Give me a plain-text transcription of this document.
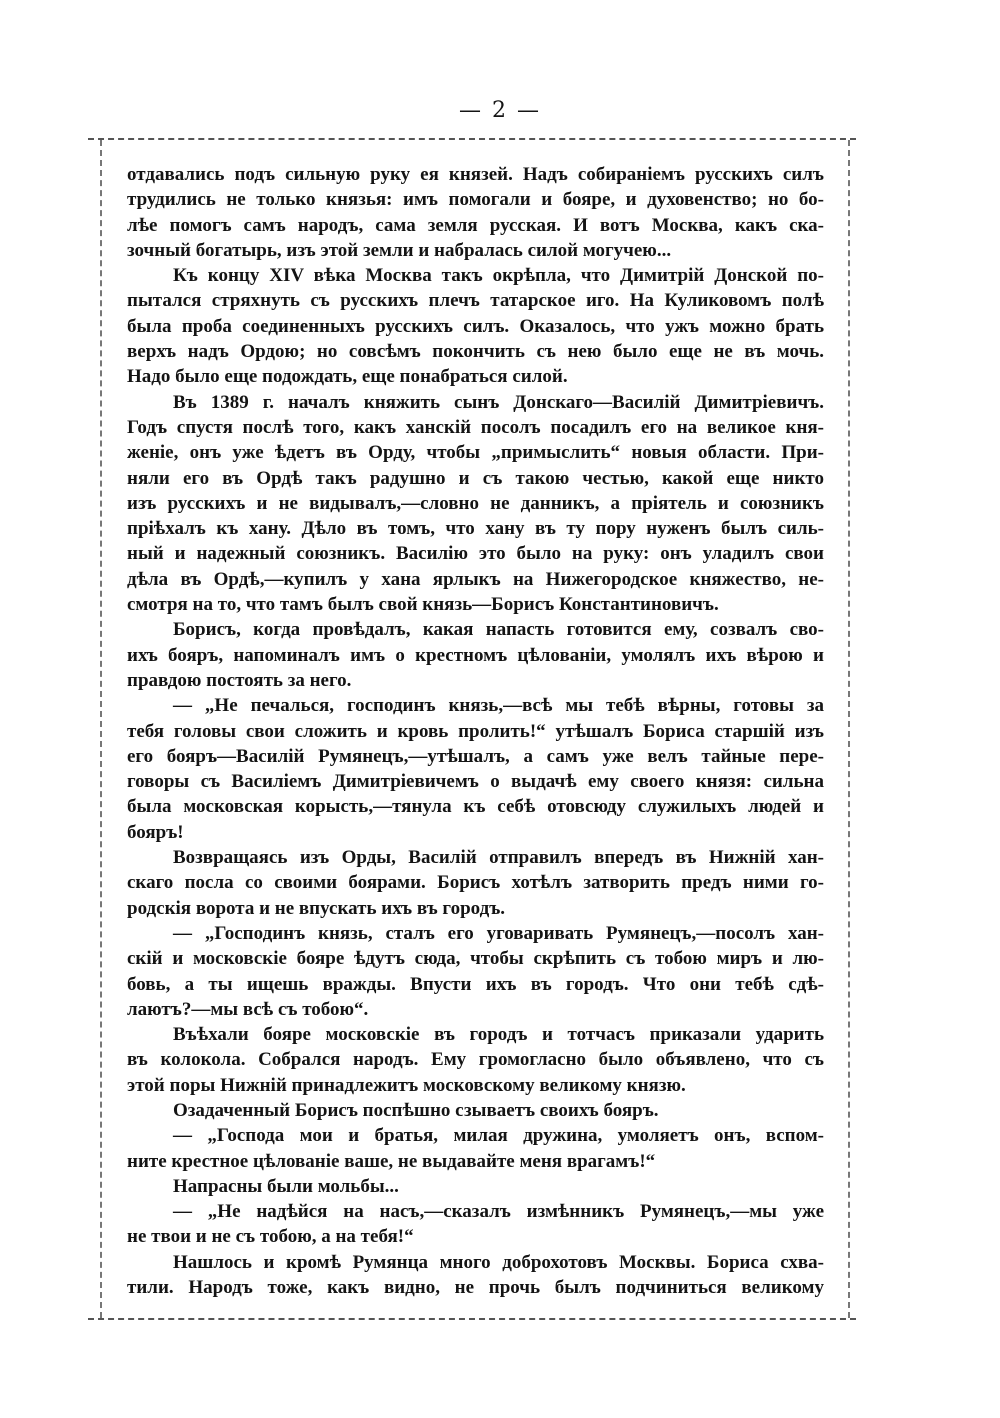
— 2 —
отдавались подъ сильную руку ея князей. Надъ собиранiемъ русскихъ силъ
трудились не только князья: имъ помогали и бояре, и духовенство; но бо-
лѣе помогъ самъ народъ, сама земля русская. И вотъ Москва, какъ ска-
зочный богатырь, изъ этой земли и набралась силой могучею...
Къ концу XIV вѣка Москва такъ окрѣпла, что Димитрiй Донской по-
пытался стряхнуть съ русскихъ плечъ татарское иго. На Куликовомъ полѣ
была проба соединенныхъ русскихъ силъ. Оказалось, что ужъ можно брать
верхъ надъ Ордою; но совсѣмъ покончить съ нею было еще не въ мочь.
Надо было еще подождать, еще понабраться силой.
Въ 1389 г. началъ княжить сынъ Донскаго—Василiй Димитрiевичъ.
Годъ спустя послѣ того, какъ ханскiй посолъ посадилъ его на великое кня-
женiе, онъ уже ѣдетъ въ Орду, чтобы „примыслить“ новыя области. При-
няли его въ Ордѣ такъ радушно и съ такою честью, какой еще никто
изъ русскихъ и не видывалъ,—словно не данникъ, а прiятель и союзникъ
прiѣхалъ къ хану. Дѣло въ томъ, что хану въ ту пору нуженъ былъ силь-
ный и надежный союзникъ. Василiю это было на руку: онъ уладилъ свои
дѣла въ Ордѣ,—купилъ у хана ярлыкъ на Нижегородское княжество, не-
смотря на то, что тамъ былъ свой князь—Борисъ Константиновичъ.
Борисъ, когда провѣдалъ, какая напасть готовится ему, созвалъ сво-
ихъ бояръ, напоминалъ имъ о крестномъ цѣлованiи, умолялъ ихъ вѣрою и
правдою постоять за него.
— „Не печалься, господинъ князь,—всѣ мы тебѣ вѣрны, готовы за
тебя головы свои сложить и кровь пролить!“ утѣшалъ Бориса старшiй изъ
его бояръ—Василiй Румянецъ,—утѣшалъ, а самъ уже велъ тайные пере-
говоры съ Василiемъ Димитрiевичемъ о выдачѣ ему своего князя: сильна
была московская корысть,—тянула къ себѣ отовсюду служилыхъ людей и
бояръ!
Возвращаясь изъ Орды, Василiй отправилъ впередъ въ Нижнiй хан-
скаго посла со своими боярами. Борисъ хотѣлъ затворить предъ ними го-
родскiя ворота и не впускать ихъ въ городъ.
— „Господинъ князь, сталъ его уговаривать Румянецъ,—посолъ хан-
скiй и московскiе бояре ѣдутъ сюда, чтобы скрѣпить съ тобою миръ и лю-
бовь, а ты ищешь вражды. Впусти ихъ въ городъ. Что они тебѣ сдѣ-
лаютъ?—мы всѣ съ тобою“.
Въѣхали бояре московскiе въ городъ и тотчасъ приказали ударить
въ колокола. Собрался народъ. Ему громогласно было объявлено, что съ
этой поры Нижнiй принадлежитъ московскому великому князю.
Озадаченный Борисъ поспѣшно сзываетъ своихъ бояръ.
— „Господа мои и братья, милая дружина, умоляетъ онъ, вспом-
ните крестное цѣлованiе ваше, не выдавайте меня врагамъ!“
Напрасны были мольбы...
— „Не надѣйся на насъ,—сказалъ измѣнникъ Румянецъ,—мы уже
не твои и не съ тобою, а на тебя!“
Нашлось и кромѣ Румянца много доброхотовъ Москвы. Бориса схва-
тили. Народъ тоже, какъ видно, не прочь былъ подчиниться великому
